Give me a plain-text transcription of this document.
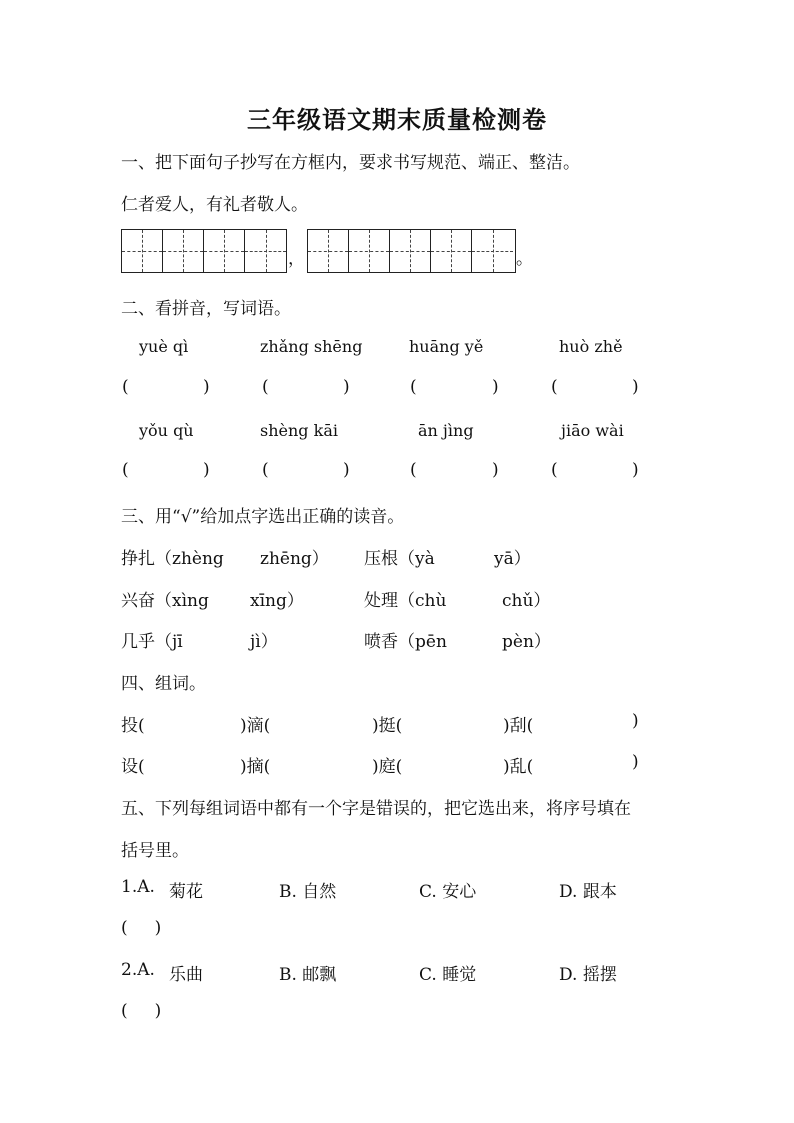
三年级语文期末质量检测卷
一、把下面句子抄写在方框内，要求书写规范、端正、整洁。
仁者爱人，有礼者敬人。
，	。
二、看拼音，写词语。
yuè qì	zhǎng shēng	huāng yě	huò zhě
(	)	(	)	(	)	(	)
yǒu qù	shèng kāi	ān jìng	jiāo wài
(	)	(	)	(	)	(	)
三、用“√”给加点字选出正确的读音。
挣扎（zhèng zhēng） 压根（yà	yā）
兴奋（xìng xīng）	处理（chù	chǔ）
几乎（jī	jì）	喷香（pēn	pèn）
四、组词。
投(	)滴(	)挺(	)刮(	)
设(	)摘(	)庭(	)乱(	)
五、下列每组词语中都有一个字是错误的，把它选出来，将序号填在
括号里。
1.A. 菊花	B. 自然	C. 安心	D. 跟本
(     )
2.A. 乐曲	B. 邮飘	C. 睡觉	D. 摇摆
(     )
